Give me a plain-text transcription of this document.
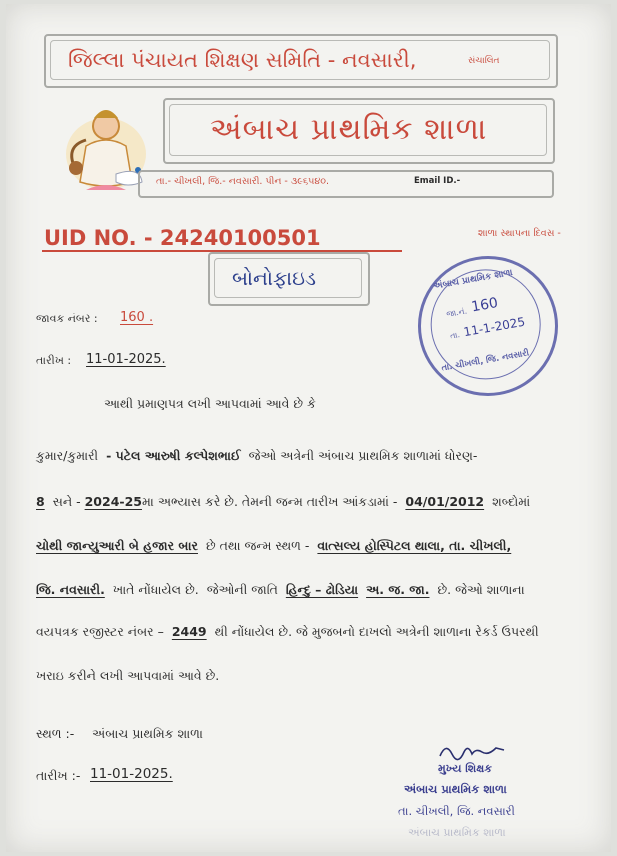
જિલ્લા પંચાયત શિક્ષણ સમિતિ - નવસારી,	સંચાલિત
અંબાચ પ્રાથમિક શાળા
તા.- ચીખલી, જિ.- નવસારી. પીન - ૩૯૬૫૪૦.	Email ID.-
UID NO. - 24240100501	શાળા સ્થાપના દિવસ -
બોનોફાઇડ
જાવક નંબર : 160 .
તારીખ : 11-01-2025.
અંબાચ પ્રાથમિક શાળા
જા.નં. 160
તા. 11-1-2025
તા. ચીખલી, જિ. નવસારી
આથી પ્રમાણપત્ર લખી આપવામાં આવે છે કે
કુમાર/કુમારી - પટેલ આરુષી કલ્પેશભાઈ જેઓ અત્રેની અંબાચ પ્રાથમિક શાળામાં ધોરણ-
8 સને - 2024-25મા અભ્યાસ કરે છે. તેમની જન્મ તારીખ આંકડામાં - 04/01/2012 શબ્દોમાં
ચોથી જાન્યુઆરી બે હજાર બાર છે તથા જન્મ સ્થળ - વાત્સલ્ય હોસ્પિટલ થાલા, તા. ચીખલી,
જિ. નવસારી. ખાતે નોંધાયેલ છે. જેઓની જાતિ હિન્દુ – ઢોડિયા અ. જ. જા. છે. જેઓ શાળાના
વયપત્રક રજીસ્ટર નંબર – 2449 થી નોંધાયેલ છે. જે મુજબનો દાખલો અત્રેની શાળાના રેકર્ડ ઉપરથી
ખરાઇ કરીને લખી આપવામાં આવે છે.
સ્થળ :- અંબાચ પ્રાથમિક શાળા
તારીખ :- 11-01-2025.	મુખ્ય શિક્ષક
અંબાચ પ્રાથમિક શાળા
તા. ચીખલી, જિ. નવસારી
અંબાચ પ્રાથમિક શાળા
